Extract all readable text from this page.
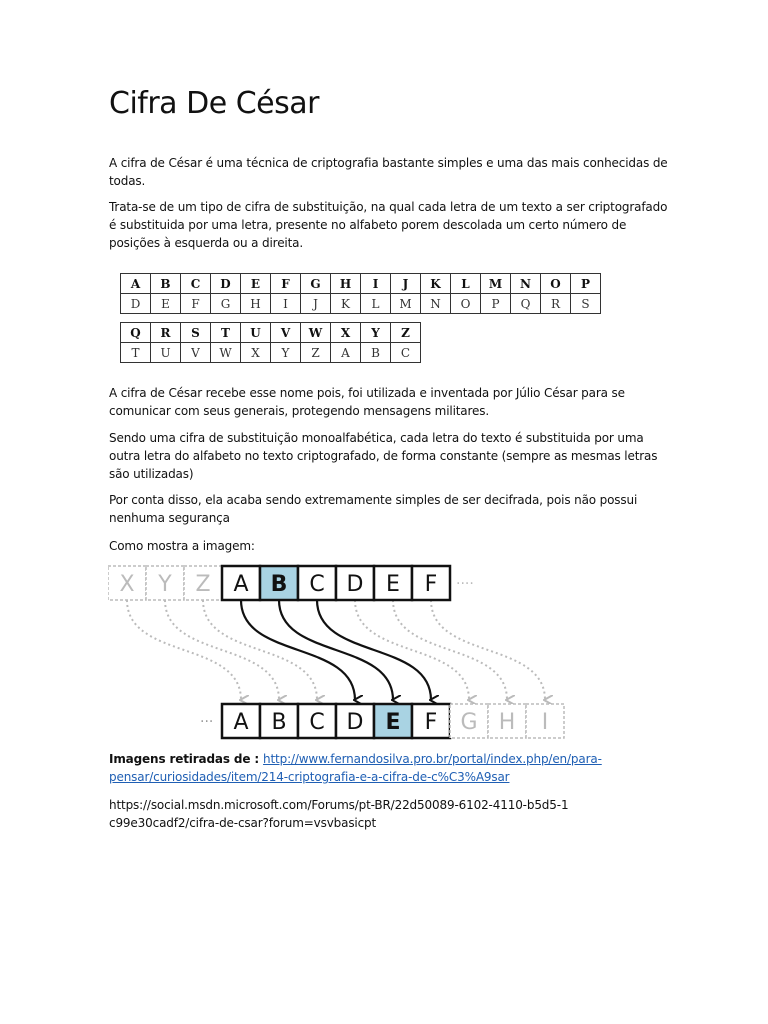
Cifra De César

A cifra de César é uma técnica de criptografia bastante simples e uma das mais conhecidas de todas.

Trata-se de um tipo de cifra de substituição, na qual cada letra de um texto a ser criptografado é substituida por uma letra, presente no alfabeto porem descolada um certo número de posições à esquerda ou a direita.

A	B	C	D	E	F	G	H	I	J	K	L	M	N	O	P
D	E	F	G	H	I	J	K	L	M	N	O	P	Q	R	S
Q	R	S	T	U	V	W	X	Y	Z
T	U	V	W	X	Y	Z	A	B	C

A cifra de César recebe esse nome pois, foi utilizada e inventada por Júlio César para se comunicar com seus generais, protegendo mensagens militares.

Sendo uma cifra de substituição monoalfabética, cada letra do texto é substituida por uma outra letra do alfabeto no texto criptografado, de forma constante (sempre as mesmas letras são utilizadas)

Por conta disso, ela acaba sendo extremamente simples de ser decifrada, pois não possui nenhuma segurança

Como mostra a imagem:

X Y Z A B C D E F ····
··· A B C D E F G H I

Imagens retiradas de : http://www.fernandosilva.pro.br/portal/index.php/en/para-pensar/curiosidades/item/214-criptografia-e-a-cifra-de-c%C3%A9sar

https://social.msdn.microsoft.com/Forums/pt-BR/22d50089-6102-4110-b5d5-1c99e30cadf2/cifra-de-csar?forum=vsvbasicpt
